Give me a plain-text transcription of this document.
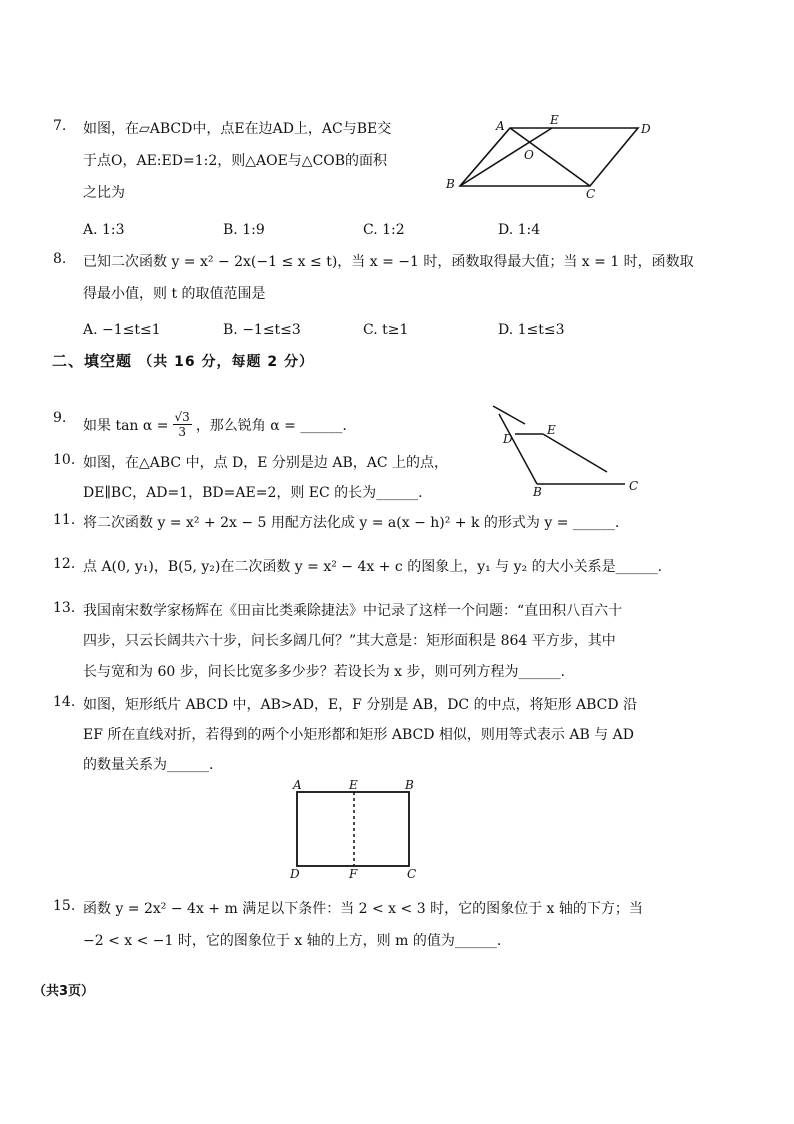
7. 如图，在▱ABCD中，点E在边AD上，AC与BE交
于点O，AE:ED=1:2，则△AOE与△COB的面积
之比为
A. 1:3	B. 1:9	C. 1:2	D. 1:4
A	E
D
O
B
C
8. 已知二次函数 y = x² − 2x(−1 ≤ x ≤ t)，当 x = −1 时，函数取得最大值；当 x = 1 时，函数取
得最小值，则 t 的取值范围是
A. −1≤t≤1	B. −1≤t≤3	C. t≥1	D. 1≤t≤3
二、填空题 （共 16 分，每题 2 分）
9. 如果 $\tan \alpha = \frac{√3}{3}$ ，那么锐角 α = ______.
D
E
B	C
10. 如图，在△ABC 中，点 D，E 分别是边 AB，AC 上的点，
DE∥BC，AD=1，BD=AE=2，则 EC 的长为______.
11. 将二次函数 y = x² + 2x − 5 用配方法化成 y = a(x − h)² + k 的形式为 y = ______.
12. 点 A(0, y₁)，B(5, y₂)在二次函数 y = x² − 4x + c 的图象上，y₁ 与 y₂ 的大小关系是______.
13. 我国南宋数学家杨辉在《田亩比类乘除捷法》中记录了这样一个问题：“直田积八百六十
四步，只云长阔共六十步，问长多阔几何？”其大意是：矩形面积是 864 平方步，其中
长与宽和为 60 步，问长比宽多多少步？若设长为 x 步，则可列方程为______.
14. 如图，矩形纸片 ABCD 中，AB>AD，E，F 分别是 AB，DC 的中点，将矩形 ABCD 沿
EF 所在直线对折，若得到的两个小矩形都和矩形 ABCD 相似，则用等式表示 AB 与 AD
的数量关系为______.
A	E	B
D	F	C
15. 函数 y = 2x² − 4x + m 满足以下条件：当 2 < x < 3 时，它的图象位于 x 轴的下方；当
−2 < x < −1 时，它的图象位于 x 轴的上方，则 m 的值为______.
（共3页）
